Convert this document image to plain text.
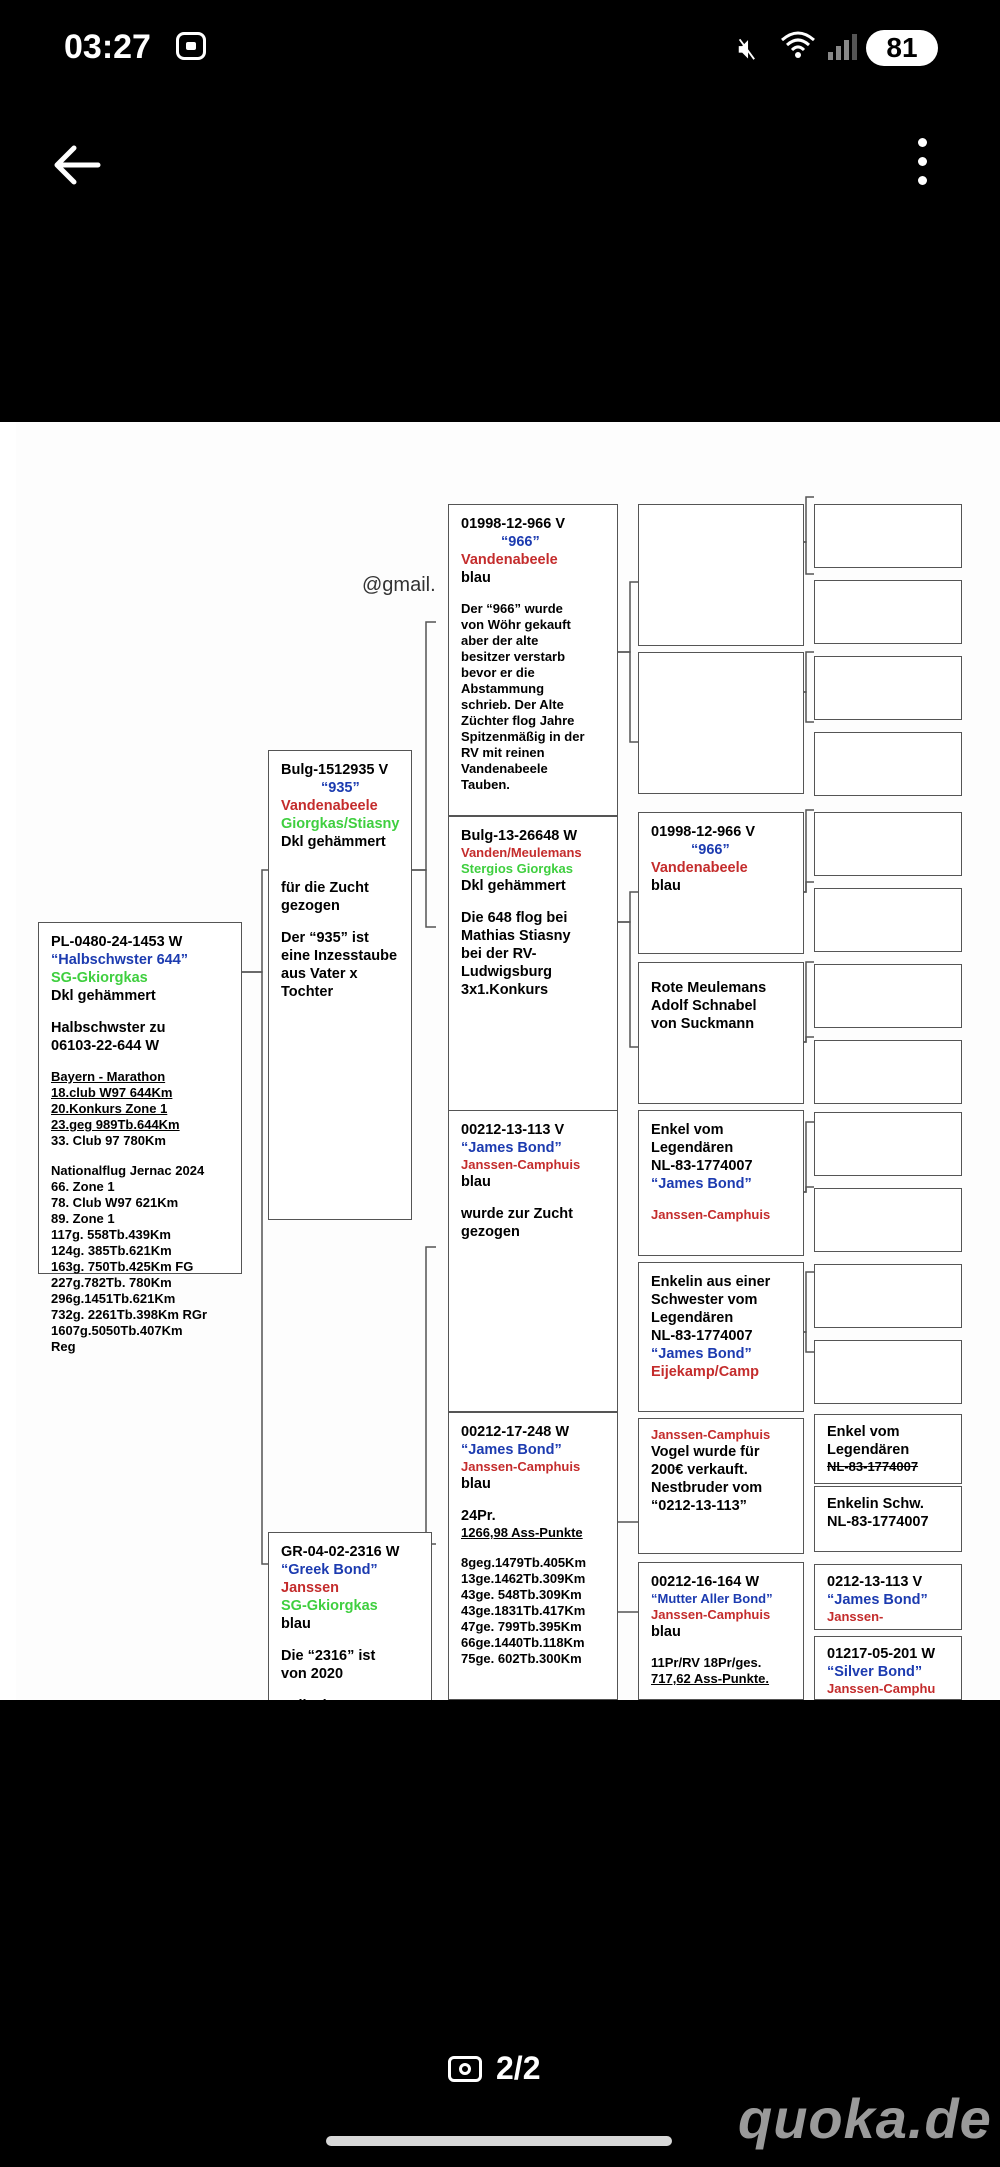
03:27	🔇︎	81
@gmail.
PL-0480-24-1453 W
“Halbschwster 644”
SG-Gkiorgkas
Dkl gehämmert
Halbschwster zu
06103-22-644 W
Bayern - Marathon
18.club W97 644Km
20.Konkurs Zone 1
23.geg 989Tb.644Km
33. Club 97 780Km
Nationalflug Jernac 2024
66. Zone 1
78. Club W97 621Km
89. Zone 1
117g. 558Tb.439Km
124g. 385Tb.621Km
163g. 750Tb.425Km FG
227g.782Tb. 780Km
296g.1451Tb.621Km
732g. 2261Tb.398Km RGr
1607g.5050Tb.407Km
Reg
Bulg-1512935 V
“935”
Vandenabeele
Giorgkas/Stiasny
Dkl gehämmert
für die Zucht
gezogen
Der “935” ist
eine Inzesstaube
aus Vater x
Tochter
GR-04-02-2316 W
“Greek Bond”
Janssen
SG-Gkiorgkas
blau
Die “2316” ist
von 2020
01998-12-966 V
“966”
Vandenabeele
blau
Der “966” wurde
von Wöhr gekauft
aber der alte
besitzer verstarb
bevor er die
Abstammung
schrieb. Der Alte
Züchter flog Jahre
Spitzenmäßig in der
RV mit reinen
Vandenabeele
Tauben.
Bulg-13-26648 W
Vanden/Meulemans
Stergios Giorgkas
Dkl gehämmert
Die 648 flog bei
Mathias Stiasny
bei der RV-
Ludwigsburg
3x1.Konkurs
00212-13-113 V
“James Bond”
Janssen-Camphuis
blau
wurde zur Zucht
gezogen
00212-17-248 W
“James Bond”
Janssen-Camphuis
blau
24Pr.
1266,98 Ass-Punkte
8geg.1479Tb.405Km
13ge.1462Tb.309Km
43ge. 548Tb.309Km
43ge.1831Tb.417Km
47ge. 799Tb.395Km
66ge.1440Tb.118Km
75ge. 602Tb.300Km
01998-12-966 V
“966”
Vandenabeele
blau
Rote Meulemans
Adolf Schnabel
von Suckmann
Enkel vom
Legendären
NL-83-1774007
“James Bond”
Janssen-Camphuis
Enkelin aus einer
Schwester vom
Legendären
NL-83-1774007
“James Bond”
Eijekamp/Camp
Janssen-Camphuis
Vogel wurde für
200€ verkauft.
Nestbruder vom
“0212-13-113”
00212-16-164 W
“Mutter Aller Bond”
Janssen-Camphuis
blau
11Pr/RV 18Pr/ges.
717,62 Ass-Punkte.
Enkel vom
Legendären
NL-83-1774007
Enkelin Schw.
NL-83-1774007
0212-13-113 V
“James Bond”
Janssen-
01217-05-201 W
“Silver Bond”
Janssen-Camphu
2/2
quoka.de
